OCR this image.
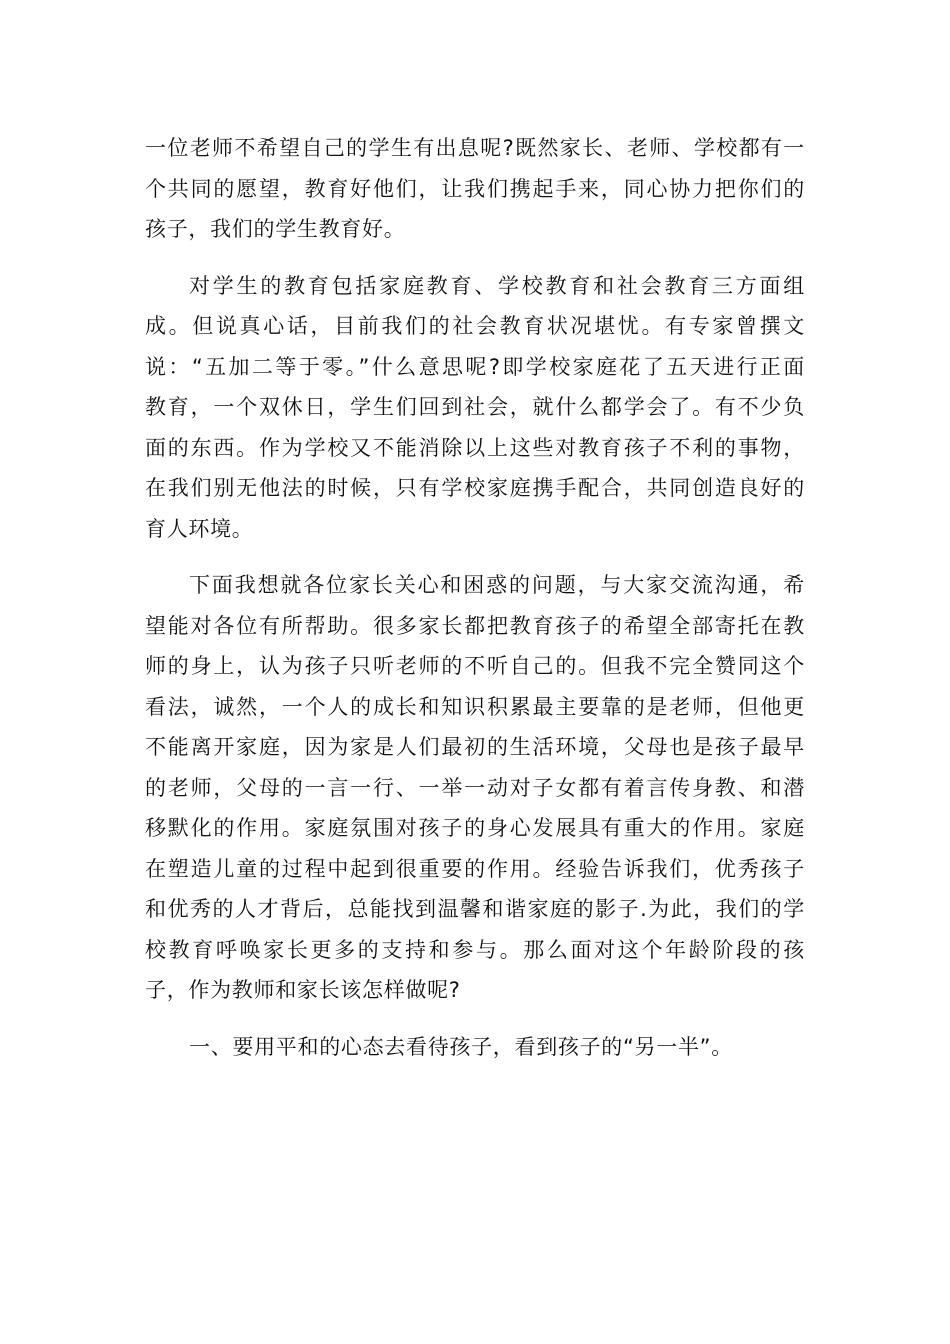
一位老师不希望自己的学生有出息呢?既然家长、老师、学校都有一
个共同的愿望，教育好他们，让我们携起手来，同心协力把你们的
孩子，我们的学生教育好。
对学生的教育包括家庭教育、学校教育和社会教育三方面组
成。但说真心话，目前我们的社会教育状况堪忧。有专家曾撰文
说：“五加二等于零。”什么意思呢?即学校家庭花了五天进行正面
教育，一个双休日，学生们回到社会，就什么都学会了。有不少负
面的东西。作为学校又不能消除以上这些对教育孩子不利的事物，
在我们别无他法的时候，只有学校家庭携手配合，共同创造良好的
育人环境。
下面我想就各位家长关心和困惑的问题，与大家交流沟通，希
望能对各位有所帮助。很多家长都把教育孩子的希望全部寄托在教
师的身上，认为孩子只听老师的不听自己的。但我不完全赞同这个
看法，诚然，一个人的成长和知识积累最主要靠的是老师，但他更
不能离开家庭，因为家是人们最初的生活环境，父母也是孩子最早
的老师，父母的一言一行、一举一动对子女都有着言传身教、和潜
移默化的作用。家庭氛围对孩子的身心发展具有重大的作用。家庭
在塑造儿童的过程中起到很重要的作用。经验告诉我们，优秀孩子
和优秀的人才背后，总能找到温馨和谐家庭的影子.为此，我们的学
校教育呼唤家长更多的支持和参与。那么面对这个年龄阶段的孩
子，作为教师和家长该怎样做呢?
一、要用平和的心态去看待孩子，看到孩子的“另一半”。
